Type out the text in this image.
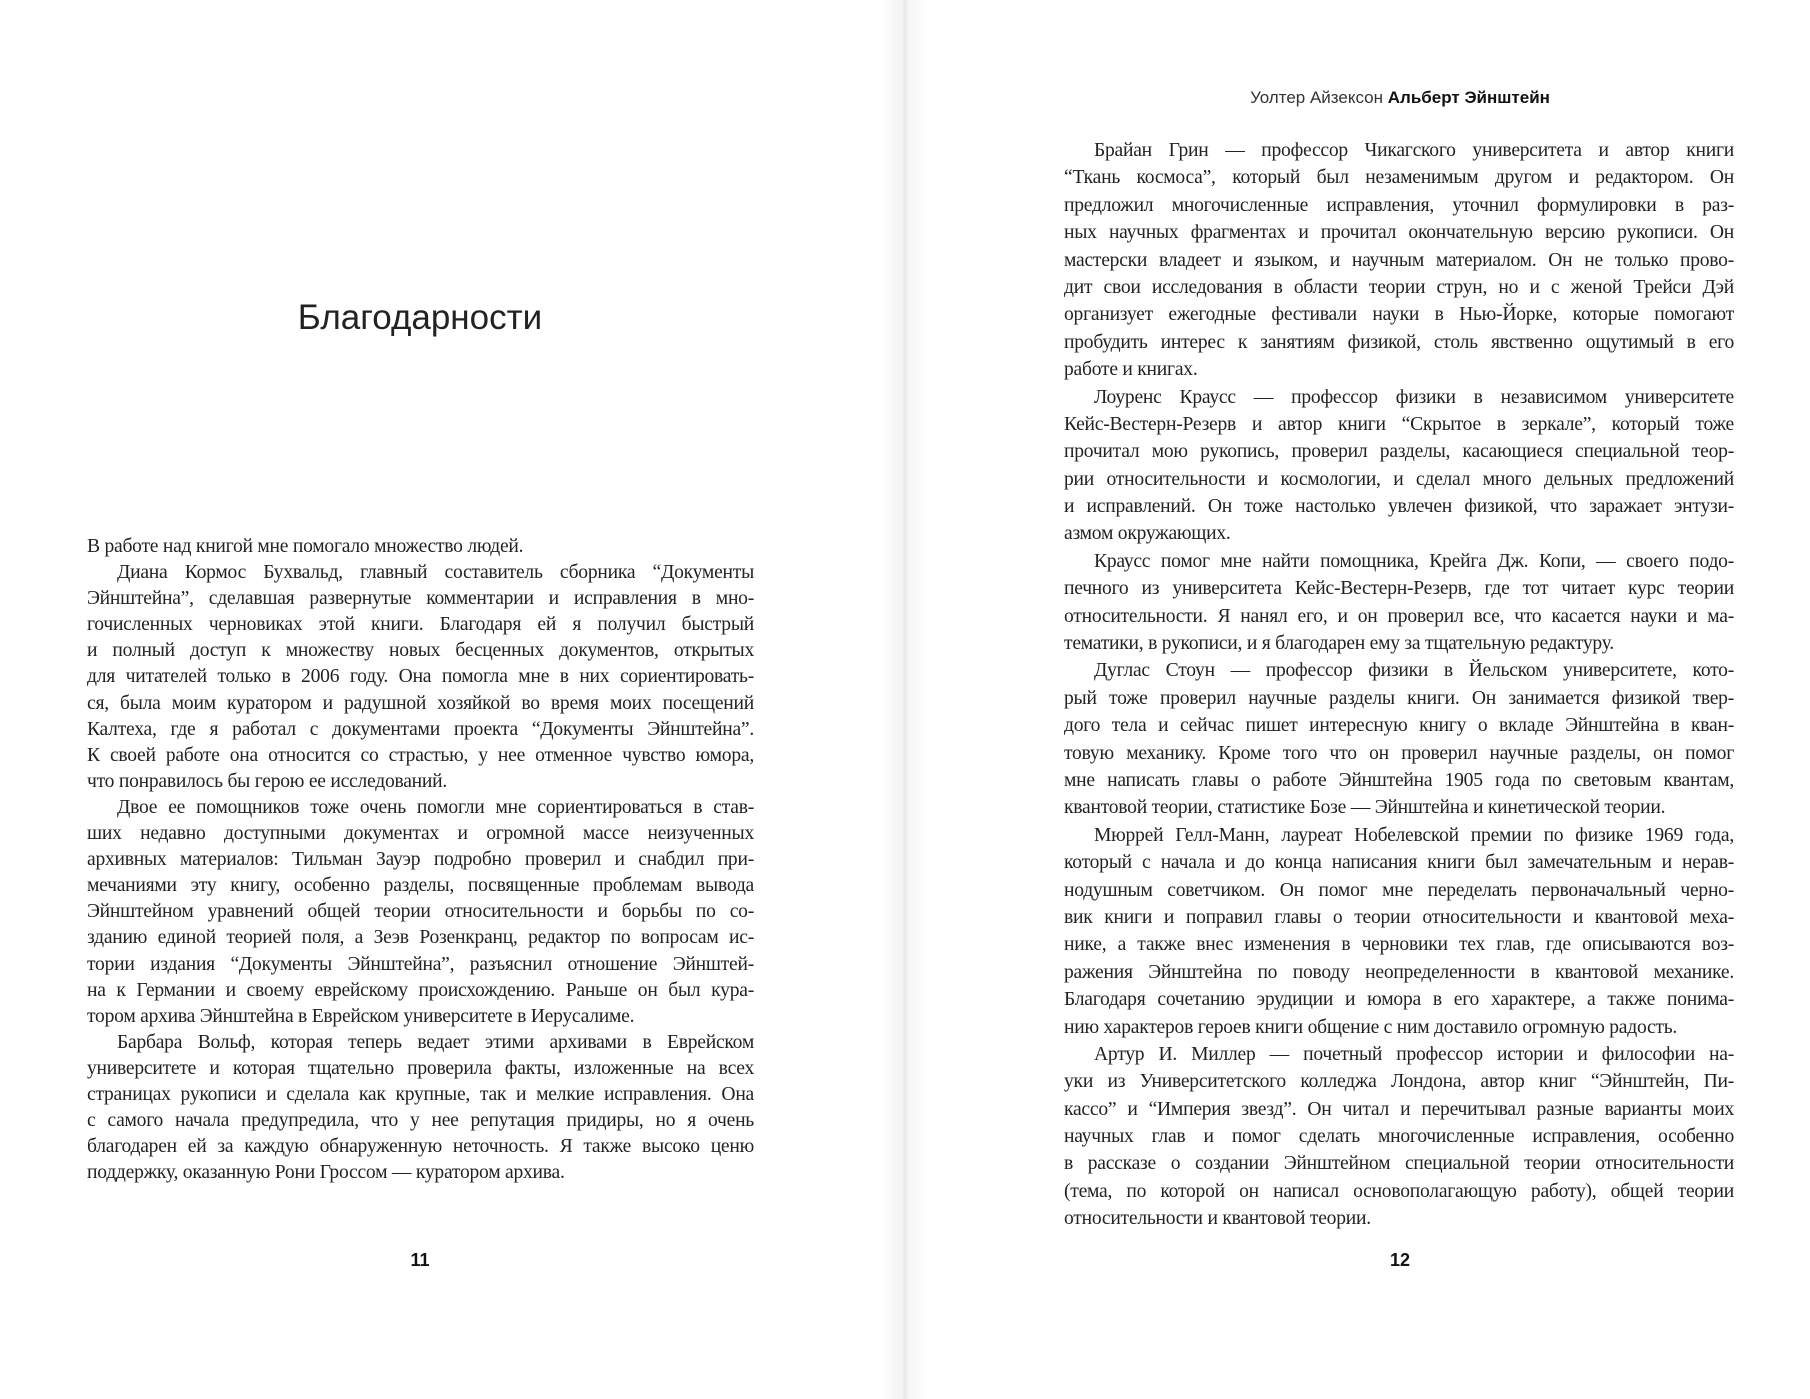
Благодарности
В работе над книгой мне помогало множество людей.
Диана Кормос Бухвальд, главный составитель сборника “Документы
Эйнштейна”, сделавшая развернутые комментарии и исправления в мно-
гочисленных черновиках этой книги. Благодаря ей я получил быстрый
и полный доступ к множеству новых бесценных документов, открытых
для читателей только в 2006 году. Она помогла мне в них сориентировать-
ся, была моим куратором и радушной хозяйкой во время моих посещений
Калтеха, где я работал с документами проекта “Документы Эйнштейна”.
К своей работе она относится со страстью, у нее отменное чувство юмора,
что понравилось бы герою ее исследований.
Двое ее помощников тоже очень помогли мне сориентироваться в став-
ших недавно доступными документах и огромной массе неизученных
архивных материалов: Тильман Зауэр подробно проверил и снабдил при-
мечаниями эту книгу, особенно разделы, посвященные проблемам вывода
Эйнштейном уравнений общей теории относительности и борьбы по со-
зданию единой теорией поля, а Зеэв Розенкранц, редактор по вопросам ис-
тории издания “Документы Эйнштейна”, разъяснил отношение Эйнштей-
на к Германии и своему еврейскому происхождению. Раньше он был кура-
тором архива Эйнштейна в Еврейском университете в Иерусалиме.
Барбара Вольф, которая теперь ведает этими архивами в Еврейском
университете и которая тщательно проверила факты, изложенные на всех
страницах рукописи и сделала как крупные, так и мелкие исправления. Она
с самого начала предупредила, что у нее репутация придиры, но я очень
благодарен ей за каждую обнаруженную неточность. Я также высоко ценю
поддержку, оказанную Рони Гроссом — куратором архива.
11
Уолтер Айзексон Альберт Эйнштейн
Брайан Грин — профессор Чикагского университета и автор книги
“Ткань космоса”, который был незаменимым другом и редактором. Он
предложил многочисленные исправления, уточнил формулировки в раз-
ных научных фрагментах и прочитал окончательную версию рукописи. Он
мастерски владеет и языком, и научным материалом. Он не только прово-
дит свои исследования в области теории струн, но и с женой Трейси Дэй
организует ежегодные фестивали науки в Нью-Йорке, которые помогают
пробудить интерес к занятиям физикой, столь явственно ощутимый в его
работе и книгах.
Лоуренс Краусс — профессор физики в независимом университете
Кейс-Вестерн-Резерв и автор книги “Скрытое в зеркале”, который тоже
прочитал мою рукопись, проверил разделы, касающиеся специальной теор-
рии относительности и космологии, и сделал много дельных предложений
и исправлений. Он тоже настолько увлечен физикой, что заражает энтузи-
азмом окружающих.
Краусс помог мне найти помощника, Крейга Дж. Копи, — своего подо-
печного из университета Кейс-Вестерн-Резерв, где тот читает курс теории
относительности. Я нанял его, и он проверил все, что касается науки и ма-
тематики, в рукописи, и я благодарен ему за тщательную редактуру.
Дуглас Стоун — профессор физики в Йельском университете, кото-
рый тоже проверил научные разделы книги. Он занимается физикой твер-
дого тела и сейчас пишет интересную книгу о вкладе Эйнштейна в кван-
товую механику. Кроме того что он проверил научные разделы, он помог
мне написать главы о работе Эйнштейна 1905 года по световым квантам,
квантовой теории, статистике Бозе — Эйнштейна и кинетической теории.
Мюррей Гелл-Манн, лауреат Нобелевской премии по физике 1969 года,
который с начала и до конца написания книги был замечательным и нерав-
нодушным советчиком. Он помог мне переделать первоначальный черно-
вик книги и поправил главы о теории относительности и квантовой меха-
нике, а также внес изменения в черновики тех глав, где описываются воз-
ражения Эйнштейна по поводу неопределенности в квантовой механике.
Благодаря сочетанию эрудиции и юмора в его характере, а также понима-
нию характеров героев книги общение с ним доставило огромную радость.
Артур И. Миллер — почетный профессор истории и философии на-
уки из Университетского колледжа Лондона, автор книг “Эйнштейн, Пи-
кассо” и “Империя звезд”. Он читал и перечитывал разные варианты моих
научных глав и помог сделать многочисленные исправления, особенно
в рассказе о создании Эйнштейном специальной теории относительности
(тема, по которой он написал основополагающую работу), общей теории
относительности и квантовой теории.
12
